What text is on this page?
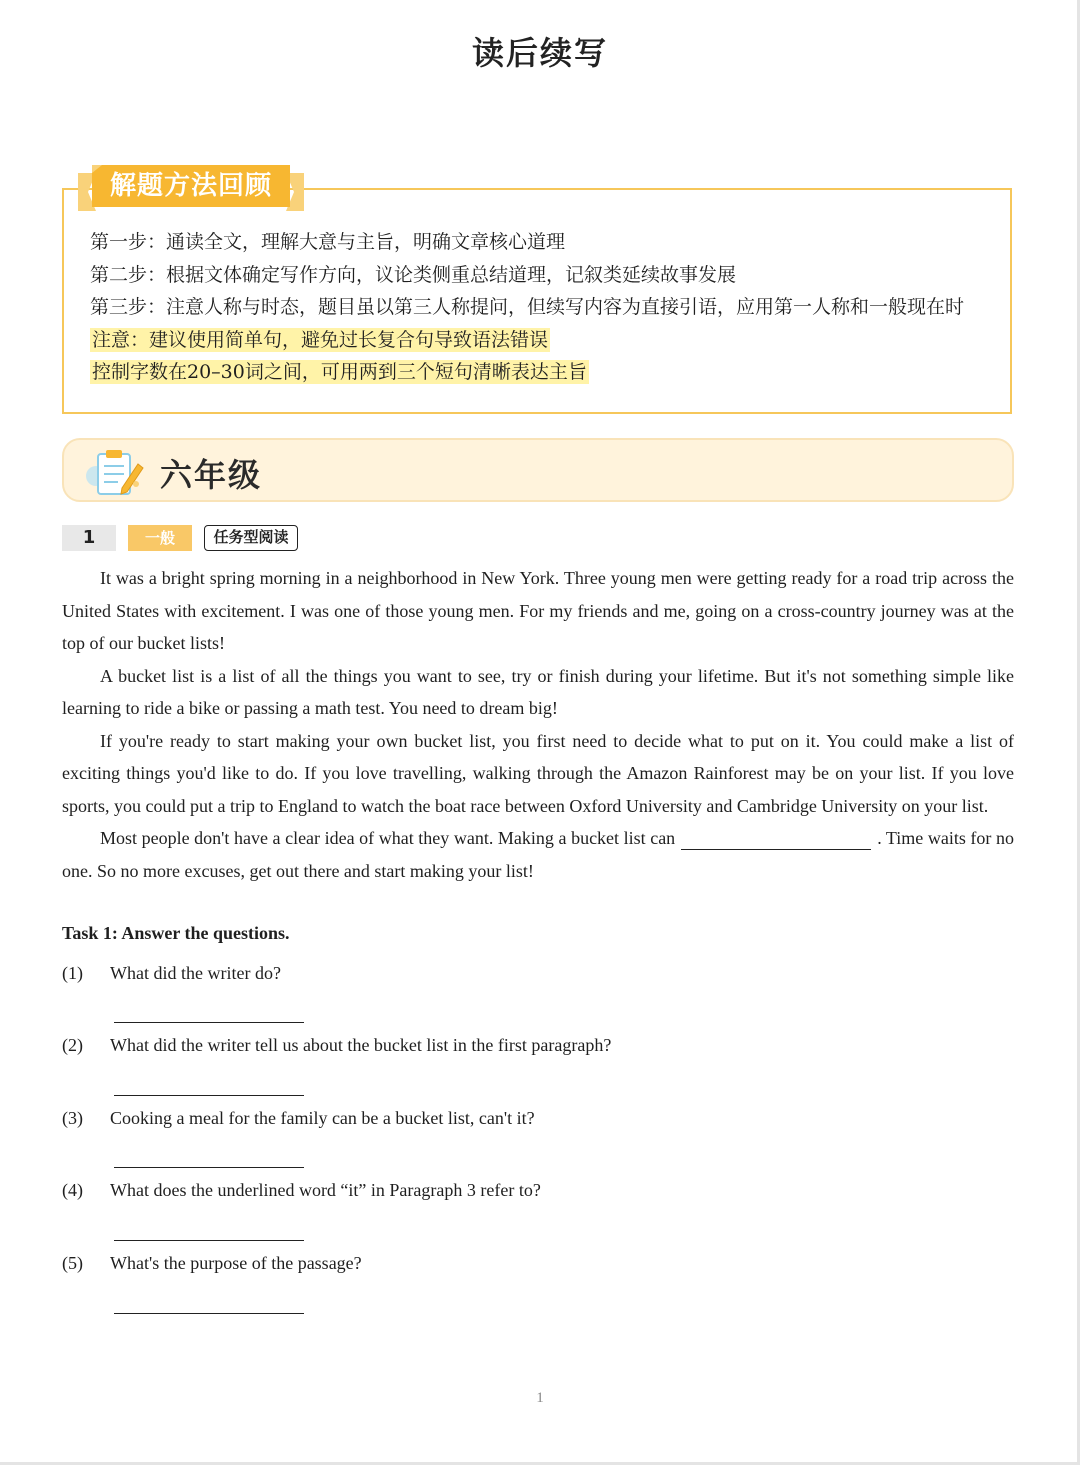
读后续写
解题方法回顾
第一步：通读全文，理解大意与主旨，明确文章核心道理
第二步：根据文体确定写作方向，议论类侧重总结道理，记叙类延续故事发展
第三步：注意人称与时态，题目虽以第三人称提问，但续写内容为直接引语，应用第一人称和一般现在时
注意：建议使用简单句，避免过长复合句导致语法错误
控制字数在20–30词之间，可用两到三个短句清晰表达主旨
六年级
1	一般	任务型阅读

It was a bright spring morning in a neighborhood in New York. Three young men were getting ready for a road trip across the United States with excitement. I was one of those young men. For my friends and me, going on a cross-country journey was at the top of our bucket lists!

A bucket list is a list of all the things you want to see, try or finish during your lifetime. But it's not something simple like learning to ride a bike or passing a math test. You need to dream big!

If you're ready to start making your own bucket list, you first need to decide what to put on it. You could make a list of exciting things you'd like to do. If you love travelling, walking through the Amazon Rainforest may be on your list. If you love sports, you could put a trip to England to watch the boat race between Oxford University and Cambridge University on your list.

Most people don't have a clear idea of what they want. Making a bucket list can	. Time waits for no one. So no more excuses, get out there and start making your list!

Task 1: Answer the questions.
(1) What did the writer do?
(2) What did the writer tell us about the bucket list in the first paragraph?
(3) Cooking a meal for the family can be a bucket list, can't it?
(4) What does the underlined word “it” in Paragraph 3 refer to?
(5) What's the purpose of the passage?
1
